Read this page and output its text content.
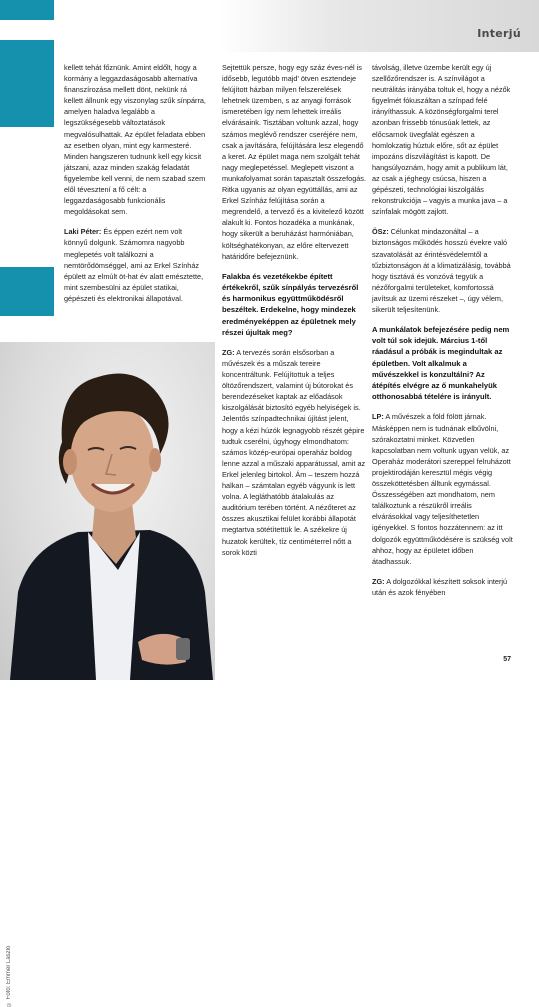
Interjú
© Fotó: Emmer László

kellett tehát főznünk. Amint eldőlt, hogy a kormány a leggazdaságosabb alternatíva finanszírozása mellett dönt, nekünk rá kellett állnunk egy viszonylag szűk sínpárra, amelyen haladva legalább a legszükségesebb változtatások megvalósulhattak. Az épület feladata ebben az esetben olyan, mint egy karmesteré. Minden hangszeren tudnunk kell egy kicsit játszani, azaz minden szakág feladatát figyelembe kell venni, de nem szabad szem elől tévesztení a fő célt: a leggazdaságosabb funkcionális megoldásokat sem.

Laki Péter: És éppen ezért nem volt könnyű dolgunk. Számomra nagyobb meglepetés volt találkozni a nemtörődömséggel, ami az Erkel Színház épülett az elmúlt öt-hat év alatt emésztette, mint szembesülni az épület statikai, gépészeti és elektronikai állapotával.

Sejtettük persze, hogy egy száz éves-nél is idősebb, legutóbb majd' ötven esztendeje felújított házban milyen felszerelések lehetnek üzemben, s az anyagi források ismeretében így nem lehettek irreális elvárásaink. Tisztában voltunk azzal, hogy számos meglévő rendszer cseréjére nem, csak a javítására, felújítására lesz elegendő a keret. Az épület maga nem szolgált tehát nagy meglepetéssel. Meglepett viszont a munkafolyamat során tapasztalt összefogás. Ritka ugyanis az olyan együttállás, ami az Erkel Színház felújítása során a megrendelő, a tervező és a kivitelező között alakult ki. Fontos hozadéka a munkának, hogy sikerült a beruházást harmóniában, költséghatékonyan, az előre eltervezett határidőre befejeznünk.

Falakba és vezetékekbe épített értékekről, szűk sínpályás tervezésről és harmonikus együttműködésről beszéltek. Erdekelne, hogy mindezek eredményeképpen az épületnek mely részei újultak meg?

ZG: A tervezés során elsősorban a művészek és a műszak tereire koncentráltunk. Felújítottuk a teljes öltözőrendszert, valamint új bútorokat és berendezéseket kaptak az előadások kiszolgálását biztosító egyéb helyiségek is. Jelentős színpadtechnikai újítást jelent, hogy a kézi húzók legnagyobb részét gépire tudtuk cserélni, úgyhogy elmondhatom: számos közép-európai operaház boldog lenne azzal a műszaki apparátussal, amit az Erkel jelenleg birtokol. Ám – teszem hozzá halkan – számtalan egyéb vágyunk is lett volna. A legláthatóbb átalakulás az auditórium terében történt. A nézőteret az összes akusztikai felület korábbi állapotát megtartva sötétítettük le. A székekre új huzatok kerültek, tíz centiméterrel nőtt a sorok közti

távolság, illetve üzembe került egy új szellőzőrendszer is. A színvilágot a neutrálitás irányába toltuk el, hogy a nézők figyelmét fókuszáltan a színpad felé irányíthassuk. A közönségforgalmi terel azonban frissebb tónusúak lettek, az előcsarnok üvegfalát egészen a homlokzatig húztuk előre, sőt az épület impozáns díszvilágítást is kapott. De hangsúlyoznám, hogy amit a publikum lát, az csak a jéghegy csúcsa, hiszen a gépészeti, technológiai kiszolgálás rekonstrukciója – vagyis a munka java – a színfalak mögött zajlott.

ÖSz: Célunkat mindazonáltal – a biztonságos működés hosszú évekre való szavatolását az érintésvédelemtől a tűzbiztonságon át a klimatizálásig, továbbá hogy tisztává és vonzóvá tegyük a nézőforgalmi területeket, komfortossá javítsuk az üzemi részeket –, úgy vélem, sikerült teljesítenünk.

A munkálatok befejezésére pedig nem volt túl sok idejük. Március 1-től ráadásul a próbák is megindultak az épületben. Volt alkalmuk a művészekkel is konzultálni? Az átépítés elvégre az ő munkahelyük otthonosabbá tételére is irányult.

LP: A művészek a föld fölött járnak. Másképpen nem is tudnának elbűvölni, szórakoztatni minket. Közvetlen kapcsolatban nem voltunk ugyan velük, az Operaház moderátori szereppel felruházott projektirodáján keresztül mégis végig összeköttetésben álltunk egymással. Összességében azt mondhatom, nem találkoztunk a részükről irreális elvárásokkal vagy teljesíthetetlen igényekkel. S fontos hozzátennem: az itt dolgozók együttműködésére is szükség volt ahhoz, hogy az épületet időben átadhassuk.

ZG: A dolgozókkal készített soksok interjú után és azok fényében

57
